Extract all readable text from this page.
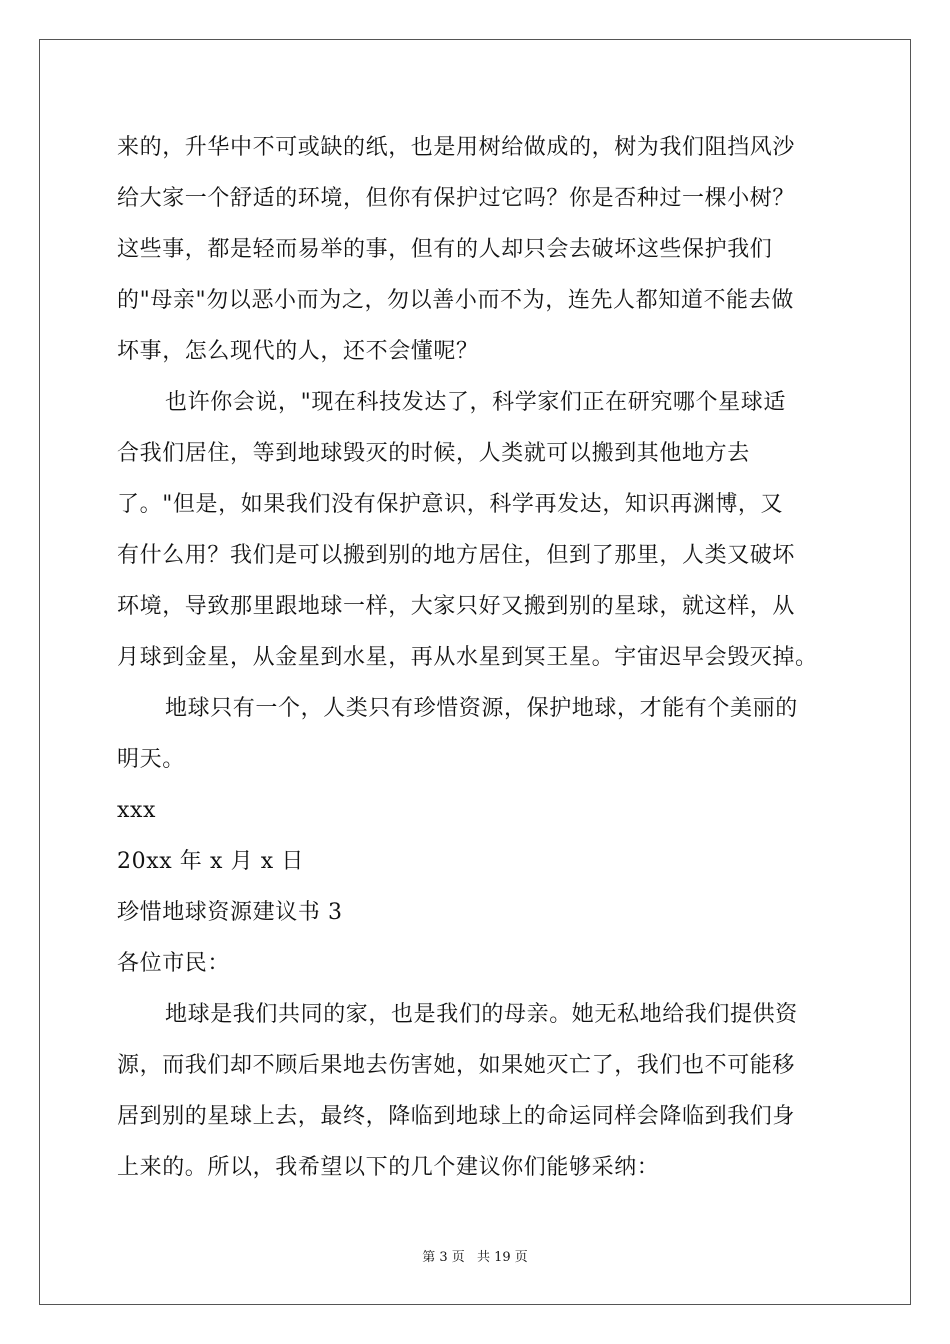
来的，升华中不可或缺的纸，也是用树给做成的，树为我们阻挡风沙
给大家一个舒适的环境，但你有保护过它吗？你是否种过一棵小树？
这些事，都是轻而易举的事，但有的人却只会去破坏这些保护我们
的"母亲"勿以恶小而为之，勿以善小而不为，连先人都知道不能去做
坏事，怎么现代的人，还不会懂呢？
也许你会说，"现在科技发达了，科学家们正在研究哪个星球适
合我们居住，等到地球毁灭的时候，人类就可以搬到其他地方去
了。"但是，如果我们没有保护意识，科学再发达，知识再渊博，又
有什么用？我们是可以搬到别的地方居住，但到了那里，人类又破坏
环境，导致那里跟地球一样，大家只好又搬到别的星球，就这样，从
月球到金星，从金星到水星，再从水星到冥王星。宇宙迟早会毁灭掉。
地球只有一个，人类只有珍惜资源，保护地球，才能有个美丽的
明天。
xxx
20xx 年 x 月 x 日
珍惜地球资源建议书 3
各位市民：
地球是我们共同的家，也是我们的母亲。她无私地给我们提供资
源，而我们却不顾后果地去伤害她，如果她灭亡了，我们也不可能移
居到别的星球上去，最终，降临到地球上的命运同样会降临到我们身
上来的。所以，我希望以下的几个建议你们能够采纳：
第 3 页 共 19 页
